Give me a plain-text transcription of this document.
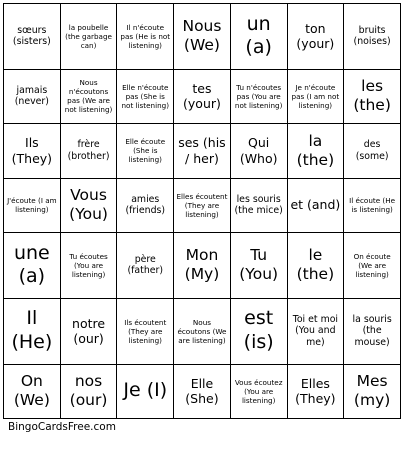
sœurs (sisters)	la poubelle (the garbage can)	Il n'écoute pas (He is not listening)	Nous (We)	un (a)	ton (your)	bruits (noises)
jamais (never)	Nous n'écoutons pas (We are not listening)	Elle n'écoute pas (She is not listening)	tes (your)	Tu n'écoutes pas (You are not listening)	Je n'écoute pas (I am not listening)	les (the)
Ils (They)	frère (brother)	Elle écoute (She is listening)	ses (his / her)	Qui (Who)	la (the)	des (some)
J'écoute (I am listening)	Vous (You)	amies (friends)	Elles écoutent (They are listening)	les souris (the mice)	et (and)	Il écoute (He is listening)
une (a)	Tu écoutes (You are listening)	père (father)	Mon (My)	Tu (You)	le (the)	On écoute (We are listening)
Il (He)	notre (our)	Ils écoutent (They are listening)	Nous écoutons (We are listening)	est (is)	Toi et moi (You and me)	la souris (the mouse)
On (We)	nos (our)	Je (I)	Elle (She)	Vous écoutez (You are listening)	Elles (They)	Mes (my)
BingoCardsFree.com
